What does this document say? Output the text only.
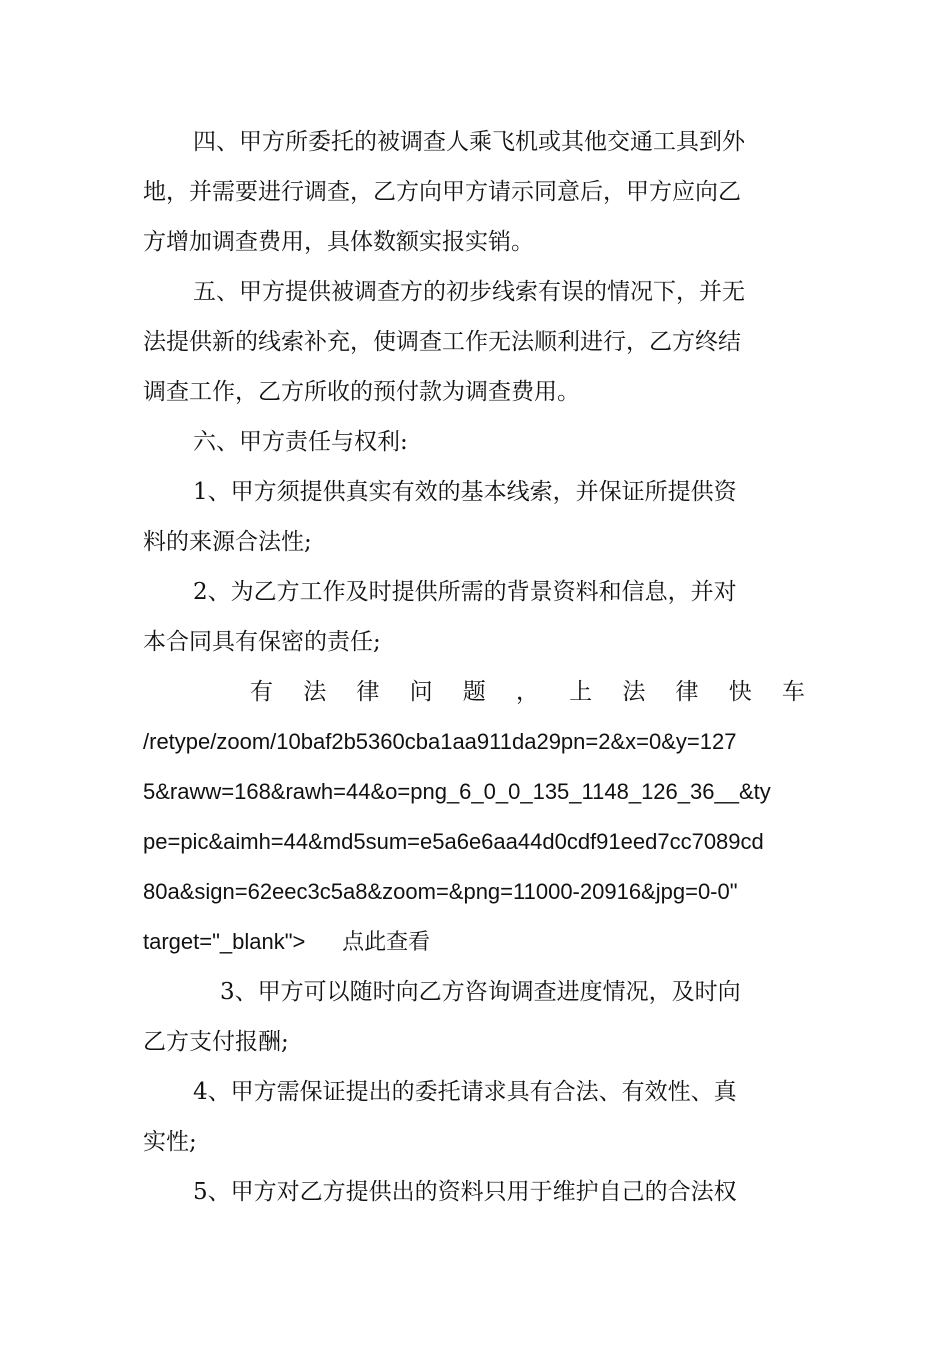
四、甲方所委托的被调查人乘飞机或其他交通工具到外
地，并需要进行调查，乙方向甲方请示同意后，甲方应向乙
方增加调查费用，具体数额实报实销。
五、甲方提供被调查方的初步线索有误的情况下，并无
法提供新的线索补充，使调查工作无法顺利进行，乙方终结
调查工作，乙方所收的预付款为调查费用。
六、甲方责任与权利:
1、甲方须提供真实有效的基本线索，并保证所提供资
料的来源合法性;
2、为乙方工作及时提供所需的背景资料和信息，并对
本合同具有保密的责任;
有 法 律 问 题 ， 上 法 律 快 车
/retype/zoom/10baf2b5360cba1aa911da29pn=2&x=0&y=127
5&raww=168&rawh=44&o=png_6_0_0_135_1148_126_36__&ty
pe=pic&aimh=44&md5sum=e5a6e6aa44d0cdf91eed7cc7089cd
80a&sign=62eec3c5a8&zoom=&png=11000-20916&jpg=0-0"
target="_blank">      点此查看
3、甲方可以随时向乙方咨询调查进度情况，及时向
乙方支付报酬;
4、甲方需保证提出的委托请求具有合法、有效性、真
实性;
5、甲方对乙方提供出的资料只用于维护自己的合法权
